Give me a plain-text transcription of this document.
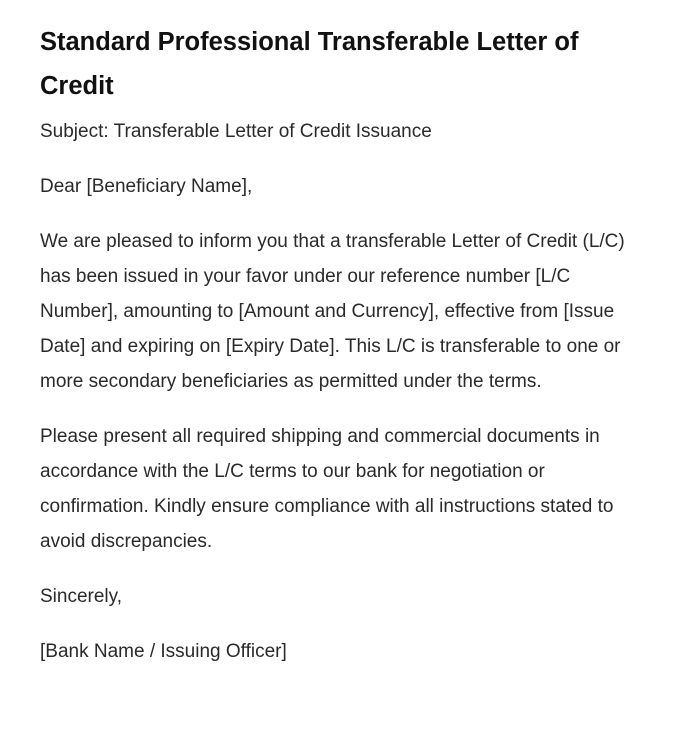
Standard Professional Transferable Letter of Credit

Subject: Transferable Letter of Credit Issuance

Dear [Beneficiary Name],

We are pleased to inform you that a transferable Letter of Credit (L/C) has been issued in your favor under our reference number [L/C Number], amounting to [Amount and Currency], effective from [Issue Date] and expiring on [Expiry Date]. This L/C is transferable to one or more secondary beneficiaries as permitted under the terms.

Please present all required shipping and commercial documents in accordance with the L/C terms to our bank for negotiation or confirmation. Kindly ensure compliance with all instructions stated to avoid discrepancies.

Sincerely,

[Bank Name / Issuing Officer]
